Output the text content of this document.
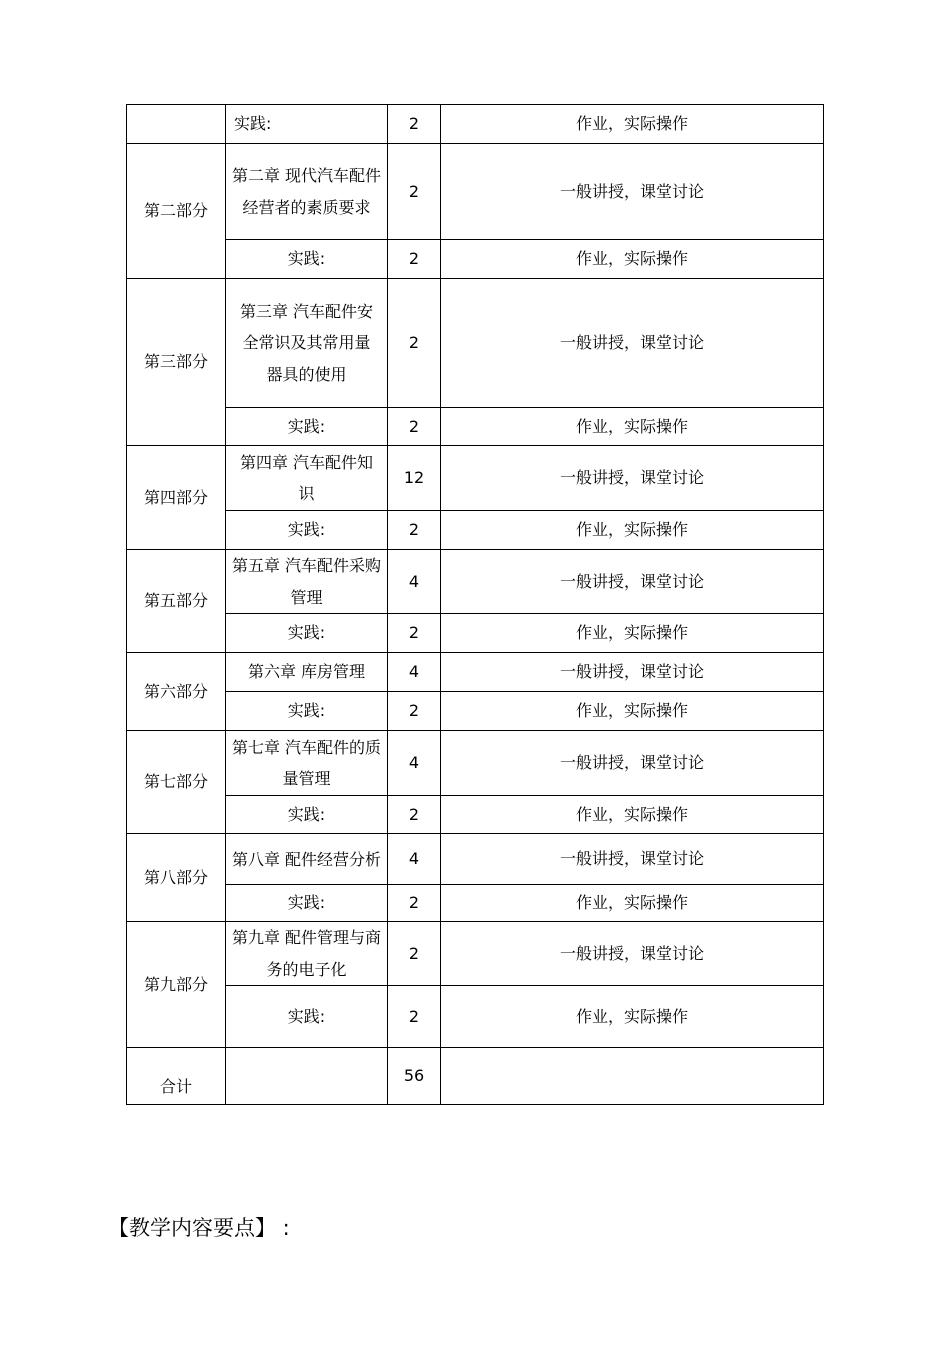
	实践:	2	作业，实际操作
第二部分	第二章 现代汽车配件经营者的素质要求	2	一般讲授，课堂讨论
	实践:	2	作业，实际操作
第三部分	第三章 汽车配件安全常识及其常用量器具的使用	2	一般讲授，课堂讨论
	实践:	2	作业，实际操作
第四部分	第四章 汽车配件知识	12	一般讲授，课堂讨论
	实践:	2	作业，实际操作
第五部分	第五章 汽车配件采购管理	4	一般讲授，课堂讨论
	实践:	2	作业，实际操作
第六部分	第六章 库房管理	4	一般讲授，课堂讨论
	实践:	2	作业，实际操作
第七部分	第七章 汽车配件的质量管理	4	一般讲授，课堂讨论
	实践:	2	作业，实际操作
第八部分	第八章 配件经营分析	4	一般讲授，课堂讨论
	实践:	2	作业，实际操作
第九部分	第九章 配件管理与商务的电子化	2	一般讲授，课堂讨论
	实践:	2	作业，实际操作
合计		56	
【教学内容要点】 :
